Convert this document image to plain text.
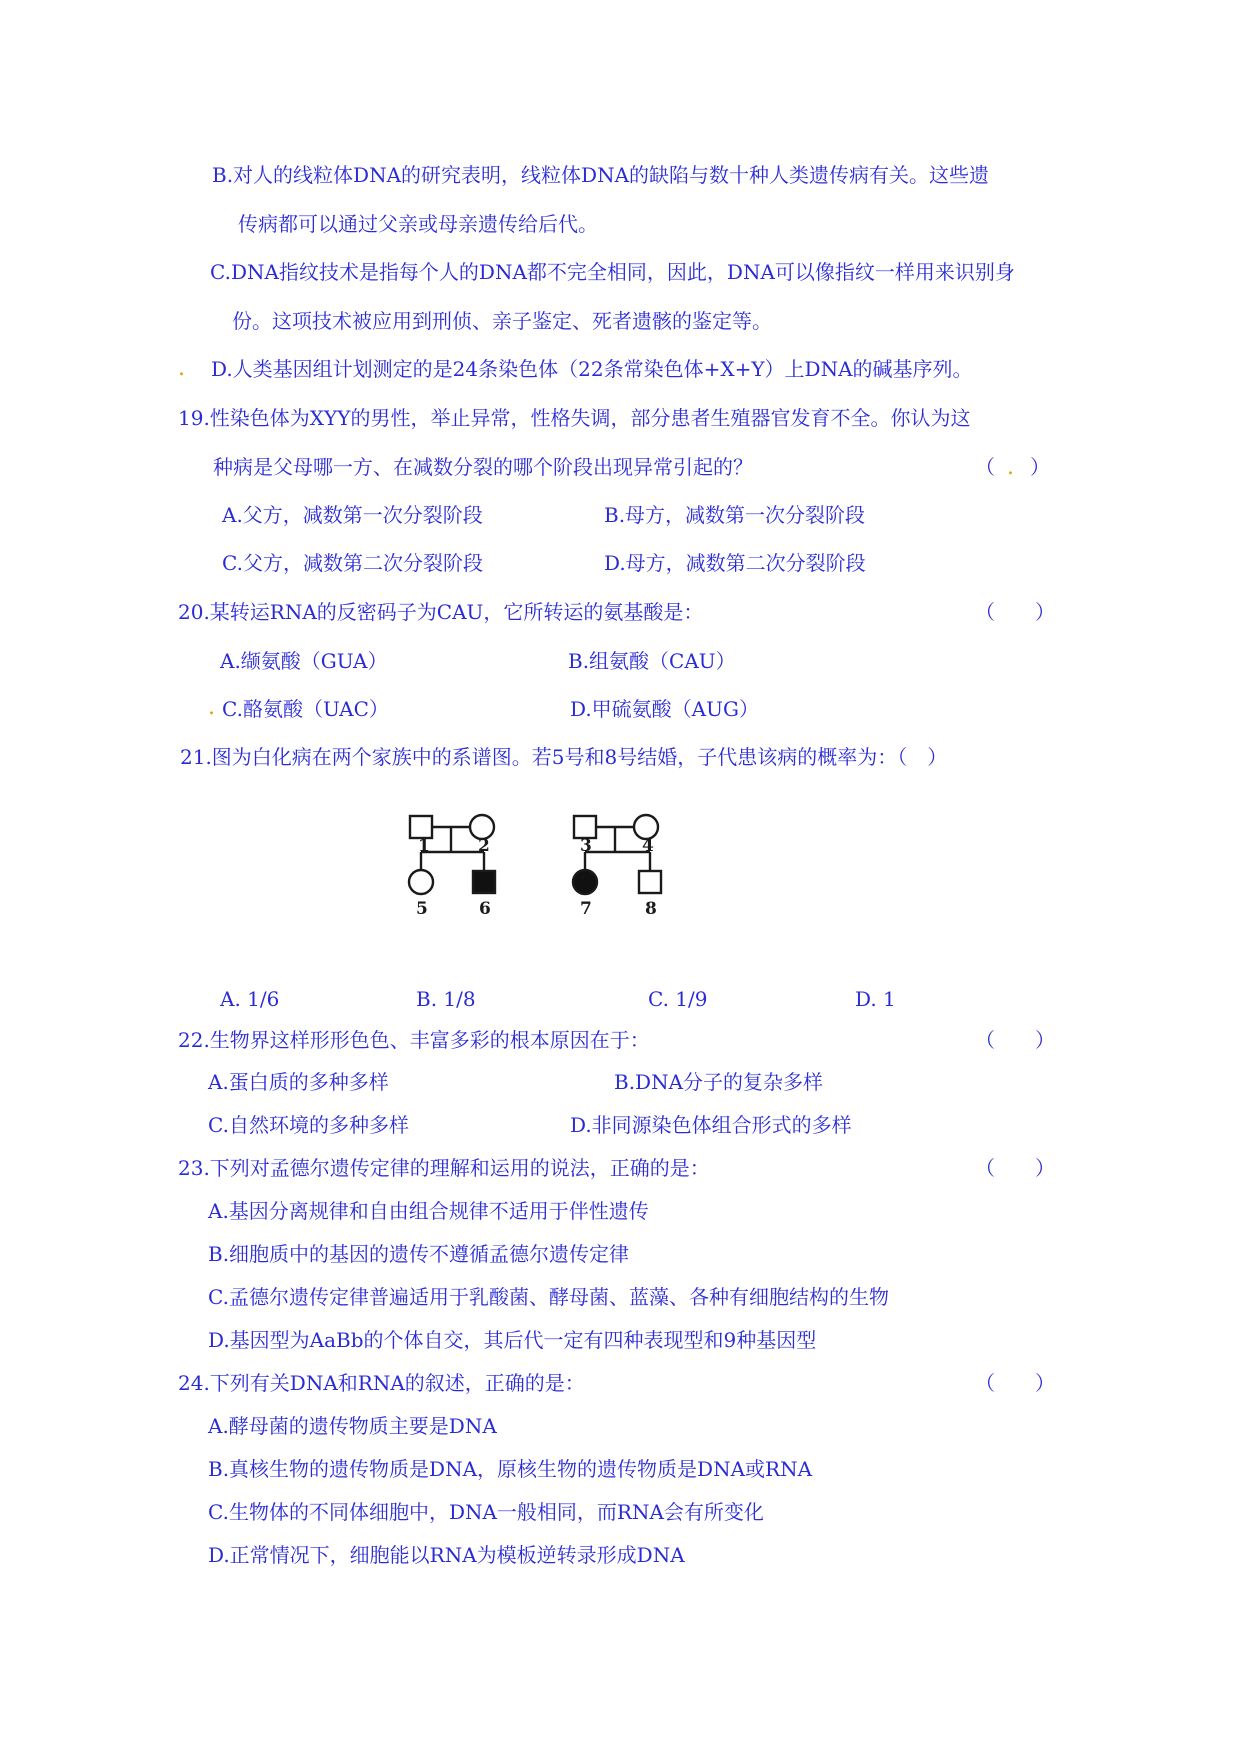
B.对人的线粒体DNA的研究表明，线粒体DNA的缺陷与数十种人类遗传病有关。这些遗
传病都可以通过父亲或母亲遗传给后代。
C.DNA指纹技术是指每个人的DNA都不完全相同，因此，DNA可以像指纹一样用来识别身
份。这项技术被应用到刑侦、亲子鉴定、死者遗骸的鉴定等。
. D.人类基因组计划测定的是24条染色体（22条常染色体+X+Y）上DNA的碱基序列。
19.性染色体为XYY的男性，举止异常，性格失调，部分患者生殖器官发育不全。你认为这
种病是父母哪一方、在减数分裂的哪个阶段出现异常引起的？	（ . ）
A.父方，减数第一次分裂阶段	B.母方，减数第一次分裂阶段
C.父方，减数第二次分裂阶段	D.母方，减数第二次分裂阶段
20.某转运RNA的反密码子为CAU，它所转运的氨基酸是：	（　　）
A.缬氨酸（GUA）	B.组氨酸（CAU）
. C.酪氨酸（UAC）	D.甲硫氨酸（AUG）
21.图为白化病在两个家族中的系谱图。若5号和8号结婚，子代患该病的概率为：（　）
1	2
5	6
3	4
7	8
A. 1/6	B. 1/8	C. 1/9	D. 1
22.生物界这样形形色色、丰富多彩的根本原因在于：	（　　）
A.蛋白质的多种多样	B.DNA分子的复杂多样
C.自然环境的多种多样	D.非同源染色体组合形式的多样
23.下列对孟德尔遗传定律的理解和运用的说法，正确的是：	（　　）
A.基因分离规律和自由组合规律不适用于伴性遗传
B.细胞质中的基因的遗传不遵循孟德尔遗传定律
C.孟德尔遗传定律普遍适用于乳酸菌、酵母菌、蓝藻、各种有细胞结构的生物
D.基因型为AaBb的个体自交，其后代一定有四种表现型和9种基因型
24.下列有关DNA和RNA的叙述，正确的是：	（　　）
A.酵母菌的遗传物质主要是DNA
B.真核生物的遗传物质是DNA，原核生物的遗传物质是DNA或RNA
C.生物体的不同体细胞中，DNA一般相同，而RNA会有所变化
D.正常情况下，细胞能以RNA为模板逆转录形成DNA
